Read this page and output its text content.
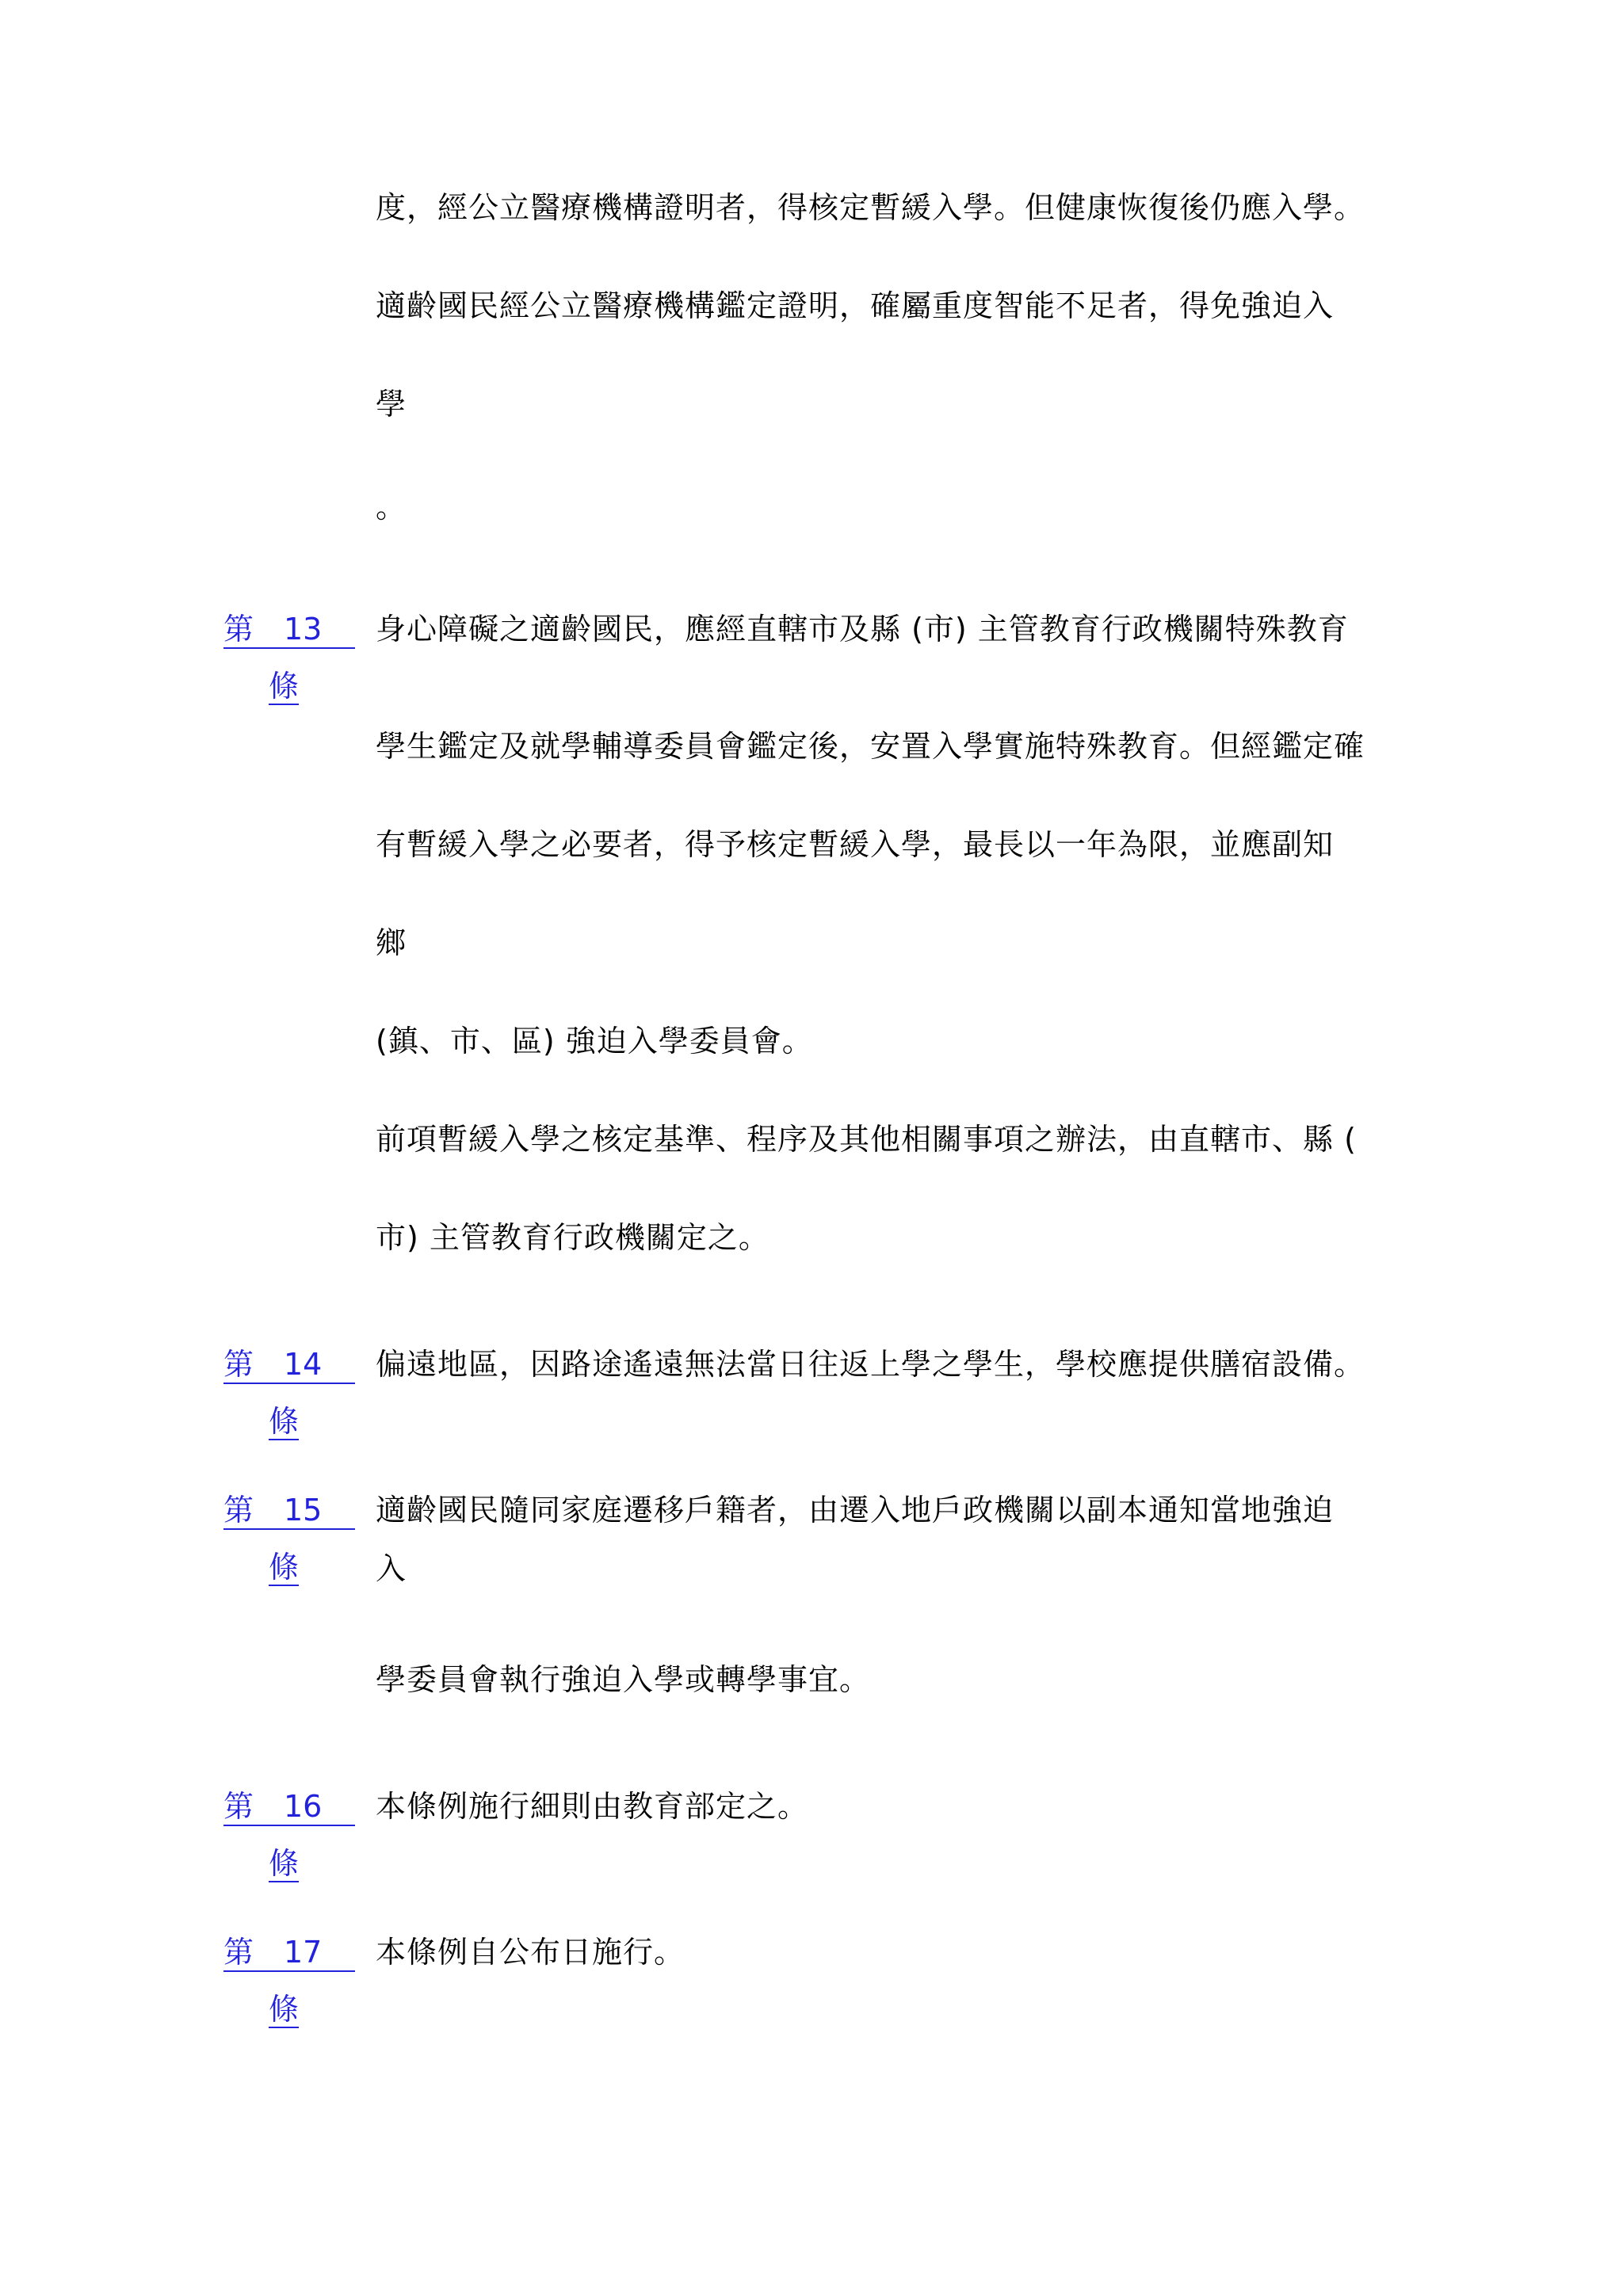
度，經公立醫療機構證明者，得核定暫緩入學。但健康恢復後仍應入學。
適齡國民經公立醫療機構鑑定證明，確屬重度智能不足者，得免強迫入
學
。
第 13
條
身心障礙之適齡國民，應經直轄市及縣 (市) 主管教育行政機關特殊教育
學生鑑定及就學輔導委員會鑑定後，安置入學實施特殊教育。但經鑑定確
有暫緩入學之必要者，得予核定暫緩入學，最長以一年為限，並應副知
鄉
(鎮、市、區) 強迫入學委員會。
前項暫緩入學之核定基準、程序及其他相關事項之辦法，由直轄市、縣 (
市) 主管教育行政機關定之。
第 14
條
偏遠地區，因路途遙遠無法當日往返上學之學生，學校應提供膳宿設備。
第 15
條
適齡國民隨同家庭遷移戶籍者，由遷入地戶政機關以副本通知當地強迫
入
學委員會執行強迫入學或轉學事宜。
第 16
條
本條例施行細則由教育部定之。
第 17
條
本條例自公布日施行。
